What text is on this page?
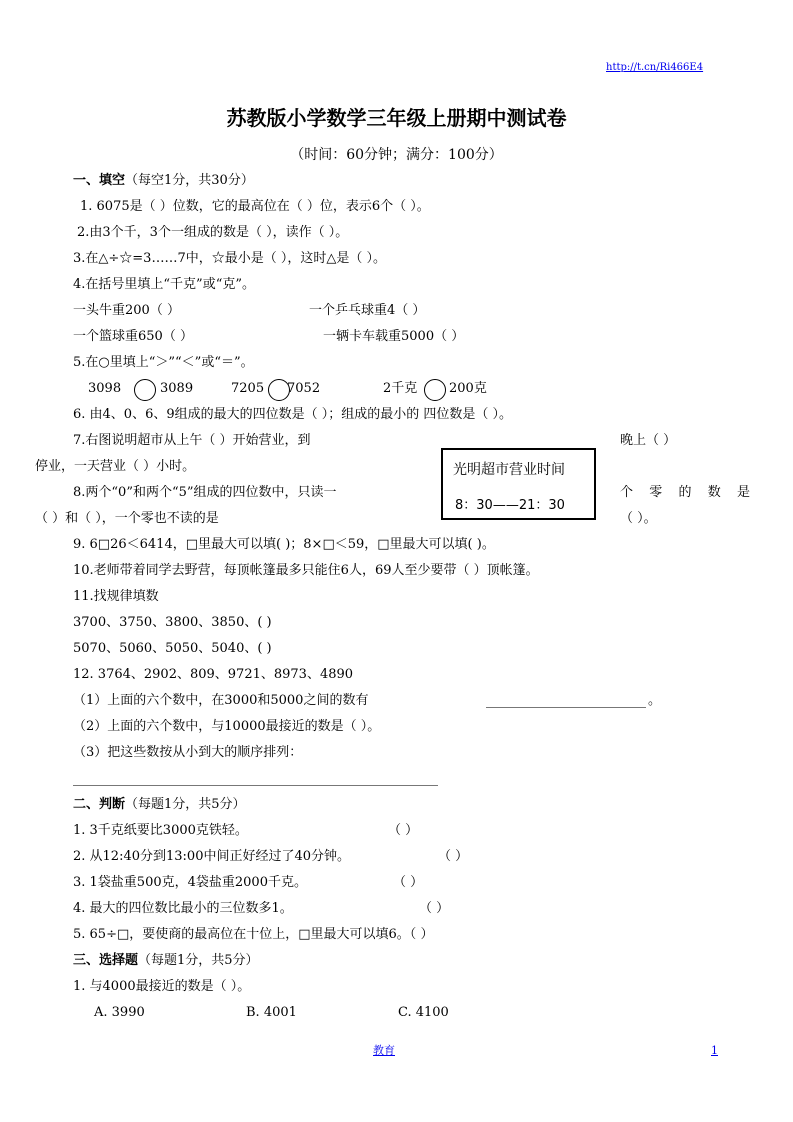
http://t.cn/Ri466E4
苏教版小学数学三年级上册期中测试卷
（时间：60分钟；满分：100分）
一、填空（每空1分，共30分）
1. 6075是（ ）位数，它的最高位在（ ）位，表示6个（ ）。
2.由3个千，3个一组成的数是（ ），读作（ ）。
3.在△÷☆=3……7中，☆最小是（ ），这时△是（ ）。
4.在括号里填上“千克”或“克”。
一头牛重200（ ）	一个乒乓球重4（ ）
一个篮球重650（ ）	一辆卡车载重5000（ ）
5.在○里填上“＞”“＜”或“＝”。
3098	3089	7205 7052	2千克 200克
6. 由4、0、6、9组成的最大的四位数是（ ）；组成的最小的 四位数是（ ）。
7.右图说明超市从上午（ ）开始营业，到	晚上（ ）
停业，一天营业（ ）小时。	光明超市营业时间
8：30——21：30
8.两个“0”和两个“5”组成的四位数中，只读一	个 零 的 数 是
（ ）和（ ），一个零也不读的是	（ ）。
9. 6□26＜6414，□里最大可以填( )；8×□＜59，□里最大可以填( )。
10.老师带着同学去野营，每顶帐篷最多只能住6人，69人至少要带（ ）顶帐篷。
11.找规律填数
3700、3750、3800、3850、( )
5070、5060、5050、5040、( )
12. 3764、2902、809、9721、8973、4890
（1）上面的六个数中，在3000和5000之间的数有	。
（2）上面的六个数中，与10000最接近的数是（ ）。
（3）把这些数按从小到大的顺序排列：
二、判断（每题1分，共5分）
1. 3千克纸要比3000克铁轻。	（ ）
2. 从12:40分到13:00中间正好经过了40分钟。	（ ）
3. 1袋盐重500克，4袋盐重2000千克。	（ ）
4. 最大的四位数比最小的三位数多1。	（ ）
5. 65÷□，要使商的最高位在十位上，□里最大可以填6。（ ）
三、选择题（每题1分，共5分）
1. 与4000最接近的数是（ ）。
A. 3990	B. 4001	C. 4100
教育	1
